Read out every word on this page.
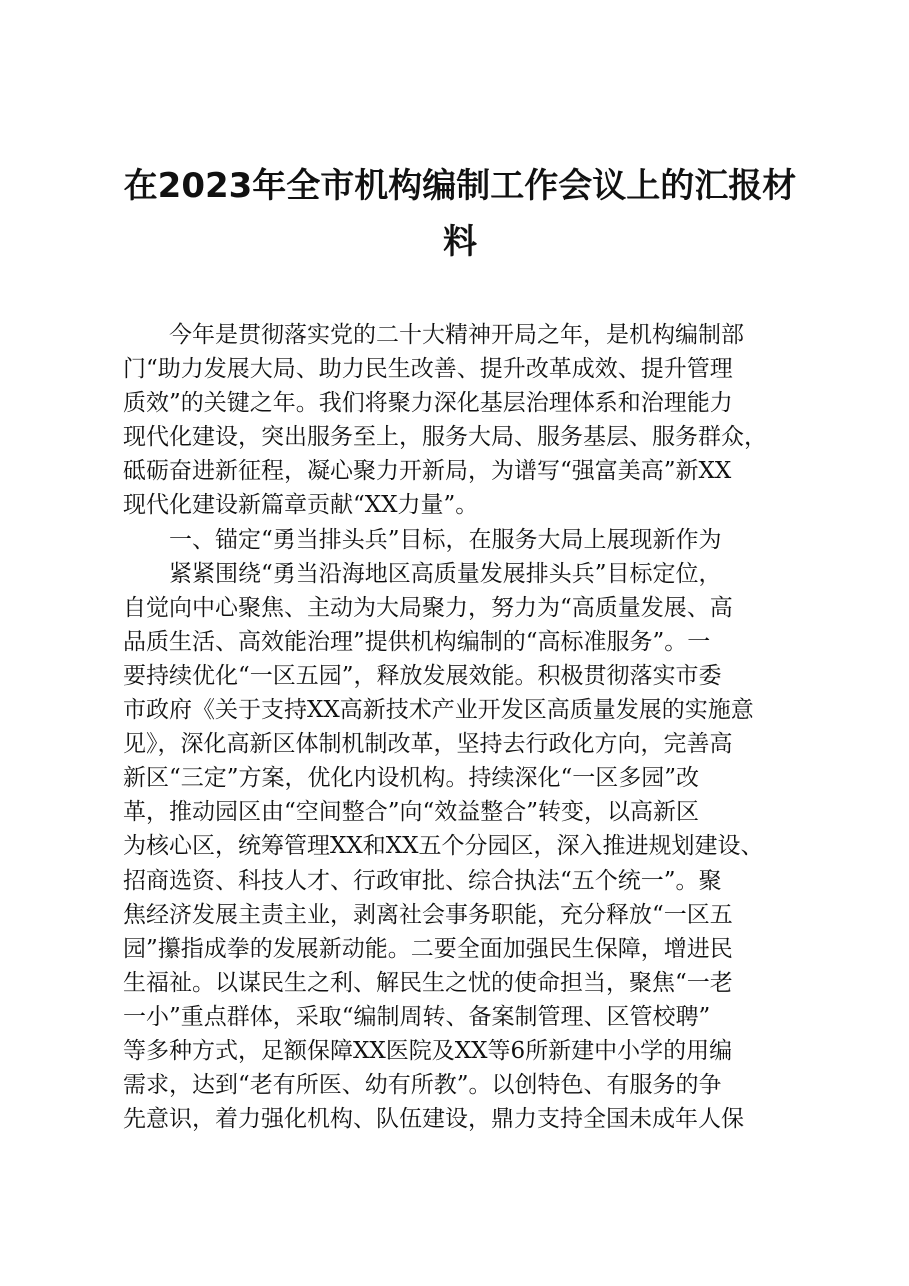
在2023年全市机构编制工作会议上的汇报材
料
　　今年是贯彻落实党的二十大精神开局之年，是机构编制部
门“助力发展大局、助力民生改善、提升改革成效、提升管理
质效”的关键之年。我们将聚力深化基层治理体系和治理能力
现代化建设，突出服务至上，服务大局、服务基层、服务群众，
砥砺奋进新征程，凝心聚力开新局，为谱写“强富美高”新XX
现代化建设新篇章贡献“XX力量”。
　　一、锚定“勇当排头兵”目标，在服务大局上展现新作为
　　紧紧围绕“勇当沿海地区高质量发展排头兵”目标定位，
自觉向中心聚焦、主动为大局聚力，努力为“高质量发展、高
品质生活、高效能治理”提供机构编制的“高标准服务”。一
要持续优化“一区五园”，释放发展效能。积极贯彻落实市委
市政府《关于支持XX高新技术产业开发区高质量发展的实施意
见》，深化高新区体制机制改革，坚持去行政化方向，完善高
新区“三定”方案，优化内设机构。持续深化“一区多园”改
革，推动园区由“空间整合”向“效益整合”转变，以高新区
为核心区，统筹管理XX和XX五个分园区，深入推进规划建设、
招商选资、科技人才、行政审批、综合执法“五个统一”。聚
焦经济发展主责主业，剥离社会事务职能，充分释放“一区五
园”攥指成拳的发展新动能。二要全面加强民生保障，增进民
生福祉。以谋民生之利、解民生之忧的使命担当，聚焦“一老
一小”重点群体，采取“编制周转、备案制管理、区管校聘”
等多种方式，足额保障XX医院及XX等6所新建中小学的用编
需求，达到“老有所医、幼有所教”。以创特色、有服务的争
先意识，着力强化机构、队伍建设，鼎力支持全国未成年人保
